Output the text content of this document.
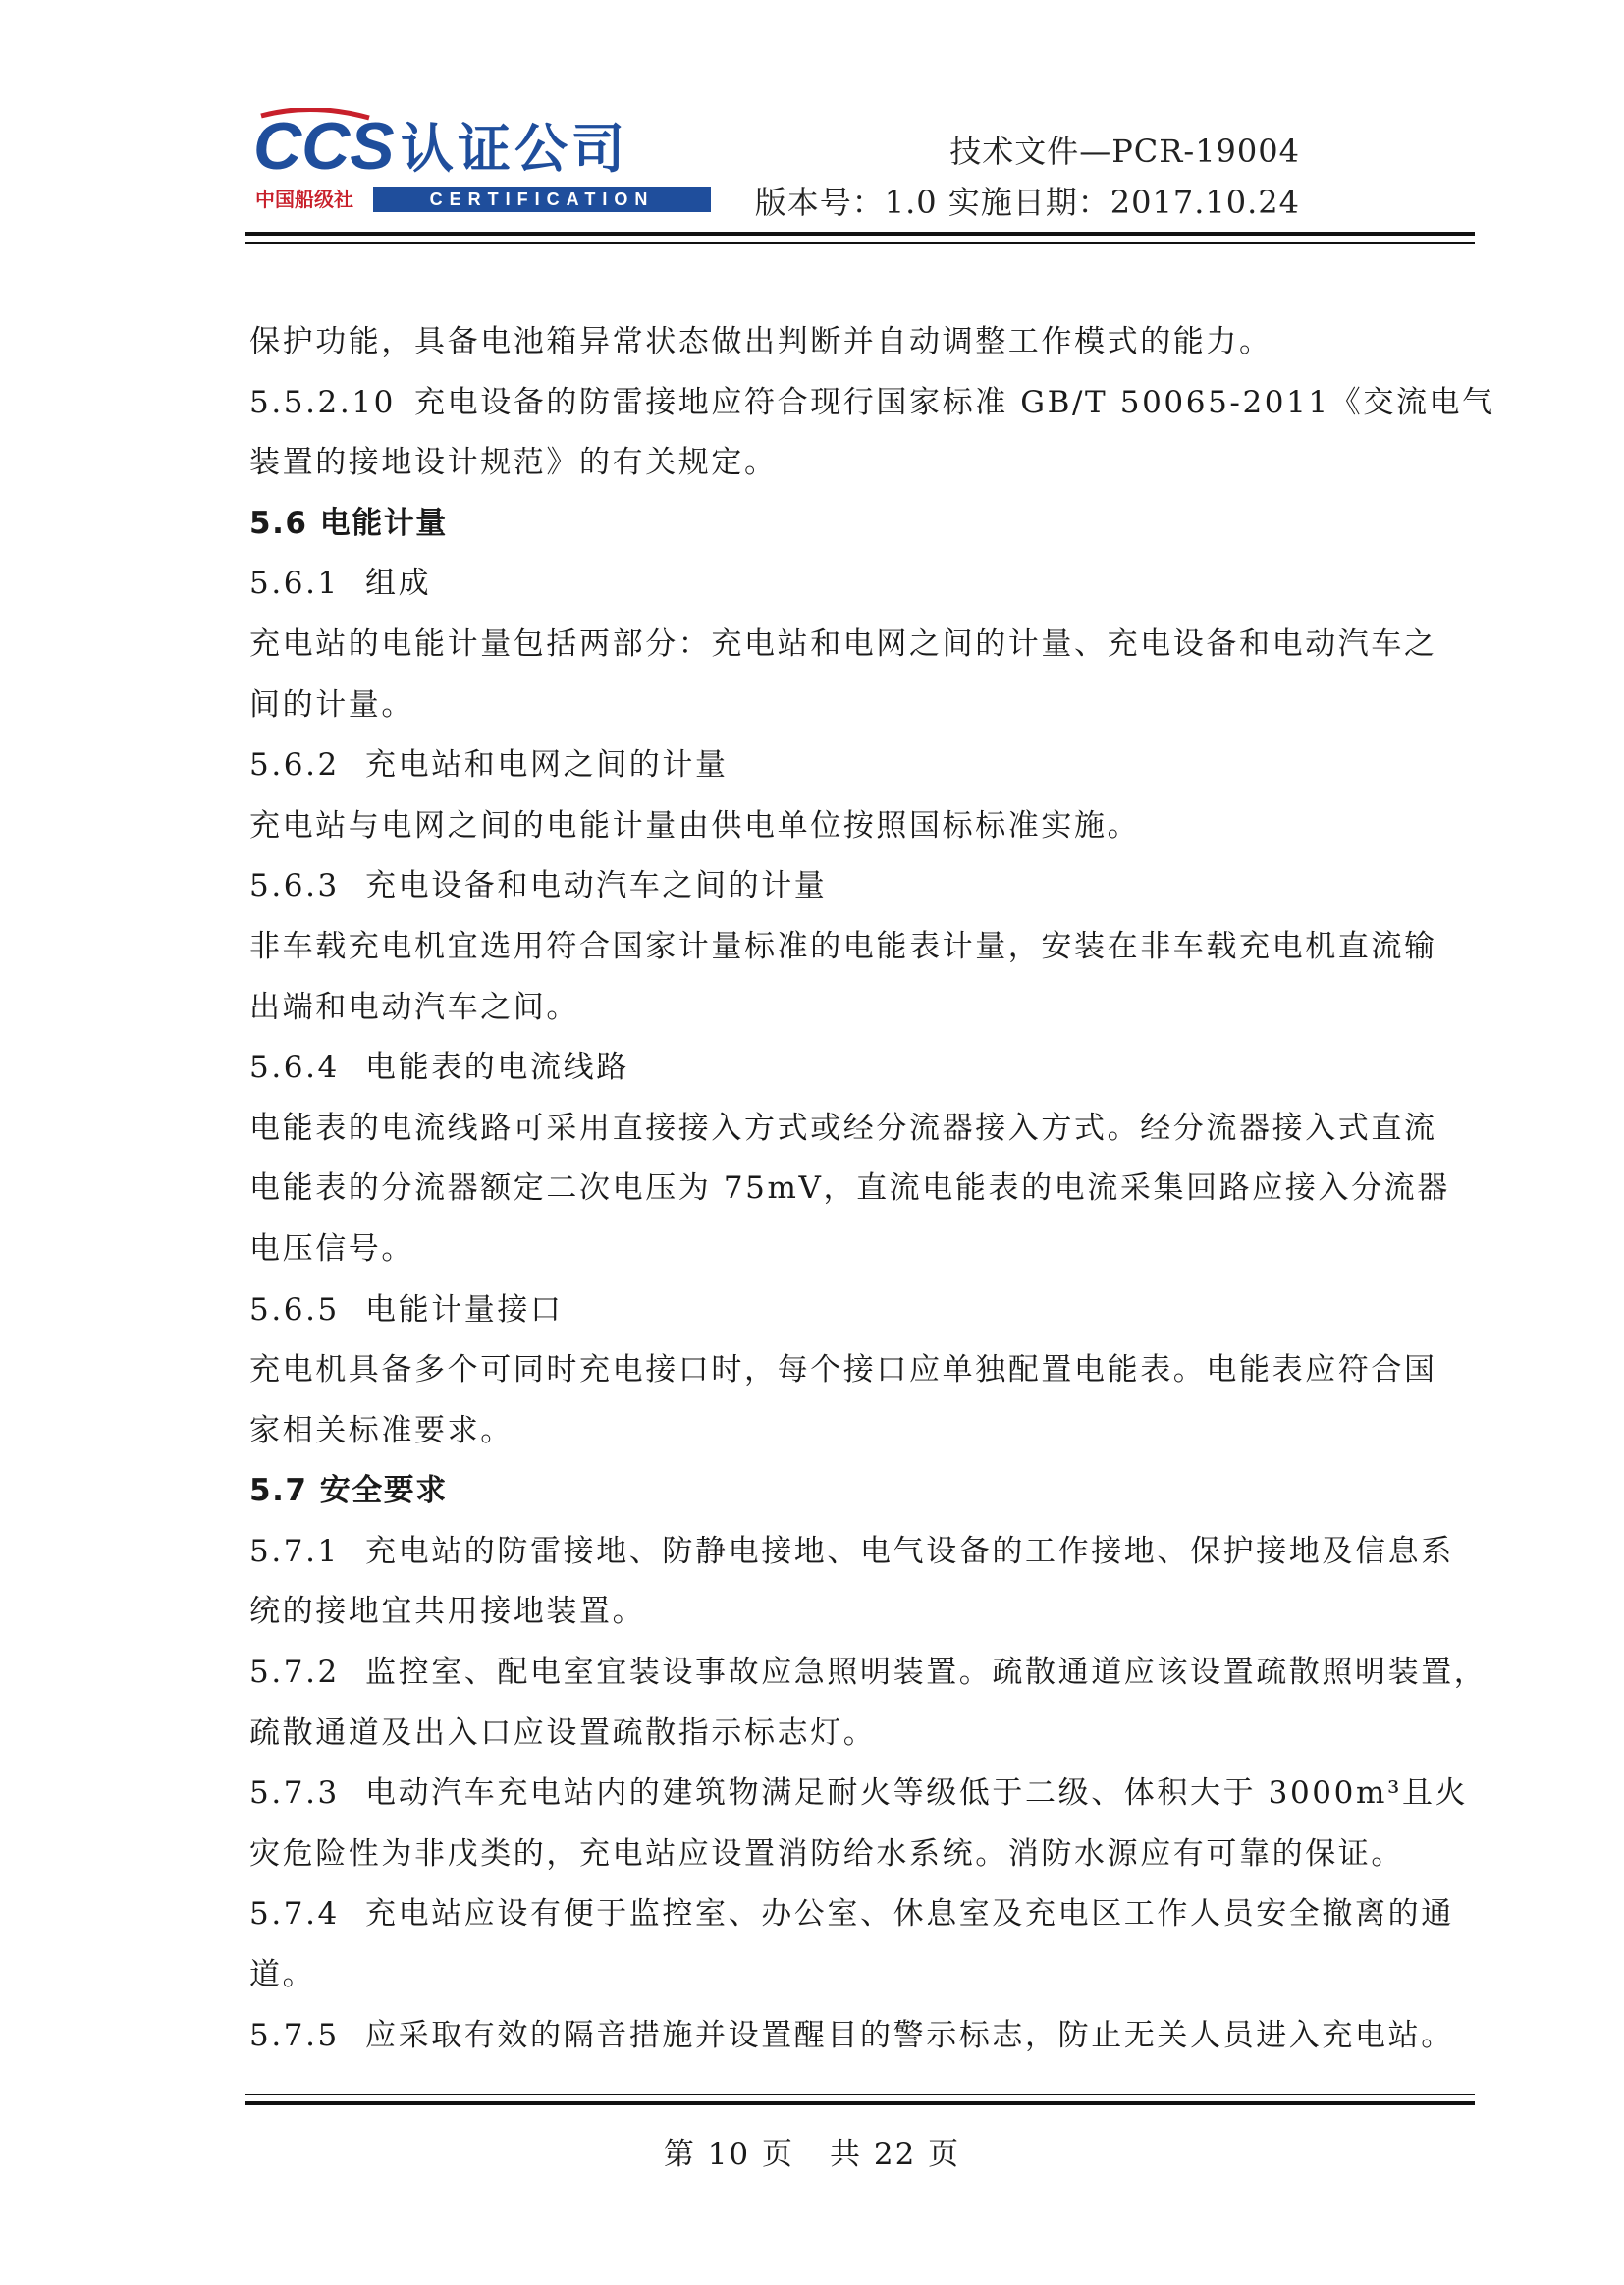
CCS 认证公司
中国船级社	CERTIFICATION
技术文件—PCR-19004
版本号：1.0 实施日期：2017.10.24
保护功能，具备电池箱异常状态做出判断并自动调整工作模式的能力。
5.5.2.10 充电设备的防雷接地应符合现行国家标准 GB/T 50065-2011《交流电气
装置的接地设计规范》的有关规定。
5.6 电能计量
5.6.1 组成
充电站的电能计量包括两部分：充电站和电网之间的计量、充电设备和电动汽车之
间的计量。
5.6.2 充电站和电网之间的计量
充电站与电网之间的电能计量由供电单位按照国标标准实施。
5.6.3 充电设备和电动汽车之间的计量
非车载充电机宜选用符合国家计量标准的电能表计量，安装在非车载充电机直流输
出端和电动汽车之间。
5.6.4 电能表的电流线路
电能表的电流线路可采用直接接入方式或经分流器接入方式。经分流器接入式直流
电能表的分流器额定二次电压为 75mV，直流电能表的电流采集回路应接入分流器
电压信号。
5.6.5 电能计量接口
充电机具备多个可同时充电接口时，每个接口应单独配置电能表。电能表应符合国
家相关标准要求。
5.7 安全要求
5.7.1 充电站的防雷接地、防静电接地、电气设备的工作接地、保护接地及信息系
统的接地宜共用接地装置。
5.7.2 监控室、配电室宜装设事故应急照明装置。疏散通道应该设置疏散照明装置，
疏散通道及出入口应设置疏散指示标志灯。
5.7.3 电动汽车充电站内的建筑物满足耐火等级低于二级、体积大于 3000m³且火
灾危险性为非戊类的，充电站应设置消防给水系统。消防水源应有可靠的保证。
5.7.4 充电站应设有便于监控室、办公室、休息室及充电区工作人员安全撤离的通
道。
5.7.5 应采取有效的隔音措施并设置醒目的警示标志，防止无关人员进入充电站。
第 10 页 共 22 页
